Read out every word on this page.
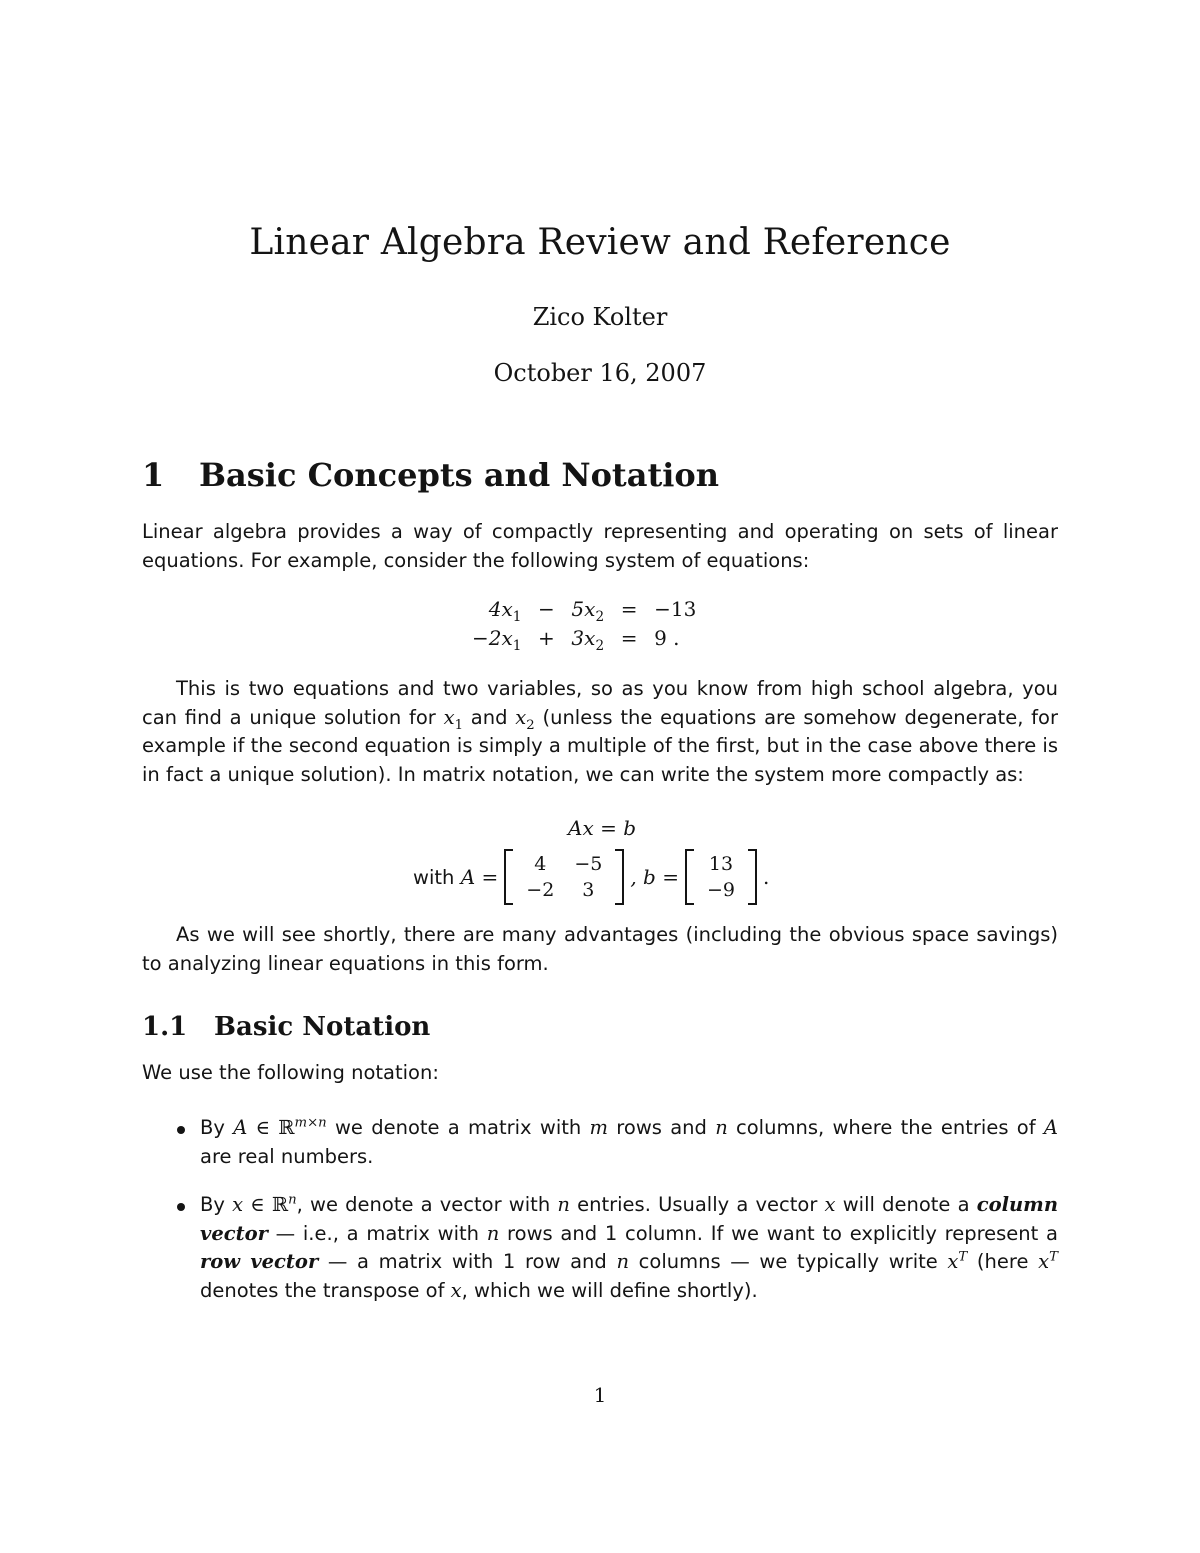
Linear Algebra Review and Reference
Zico Kolter
October 16, 2007
1 Basic Concepts and Notation

Linear algebra provides a way of compactly representing and operating on sets of linear equations. For example, consider the following system of equations:

$4x_1$	−	$5x_2$	=	−13
$-2x_1$	+	$3x_2$	=	9 .

This is two equations and two variables, so as you know from high school algebra, you can find a unique solution for $x_1$ and $x_2$ (unless the equations are somehow degenerate, for example if the second equation is simply a multiple of the first, but in the case above there is in fact a unique solution). In matrix notation, we can write the system more compactly as:

Ax = b
with
A =
4	−5
−2	3
, b =
13
−9
.

As we will see shortly, there are many advantages (including the obvious space savings) to analyzing linear equations in this form.

1.1 Basic Notation

We use the following notation:

By A ∈ ℝ$^{m\times n}$ we denote a matrix with m rows and n columns, where the entries of A are real numbers.
By x ∈ ℝ$^n$, we denote a vector with n entries. Usually a vector x will denote a column vector — i.e., a matrix with n rows and 1 column. If we want to explicitly represent a row vector — a matrix with 1 row and n columns — we typically write $x^T$ (here $x^T$ denotes the transpose of x, which we will define shortly).
1
